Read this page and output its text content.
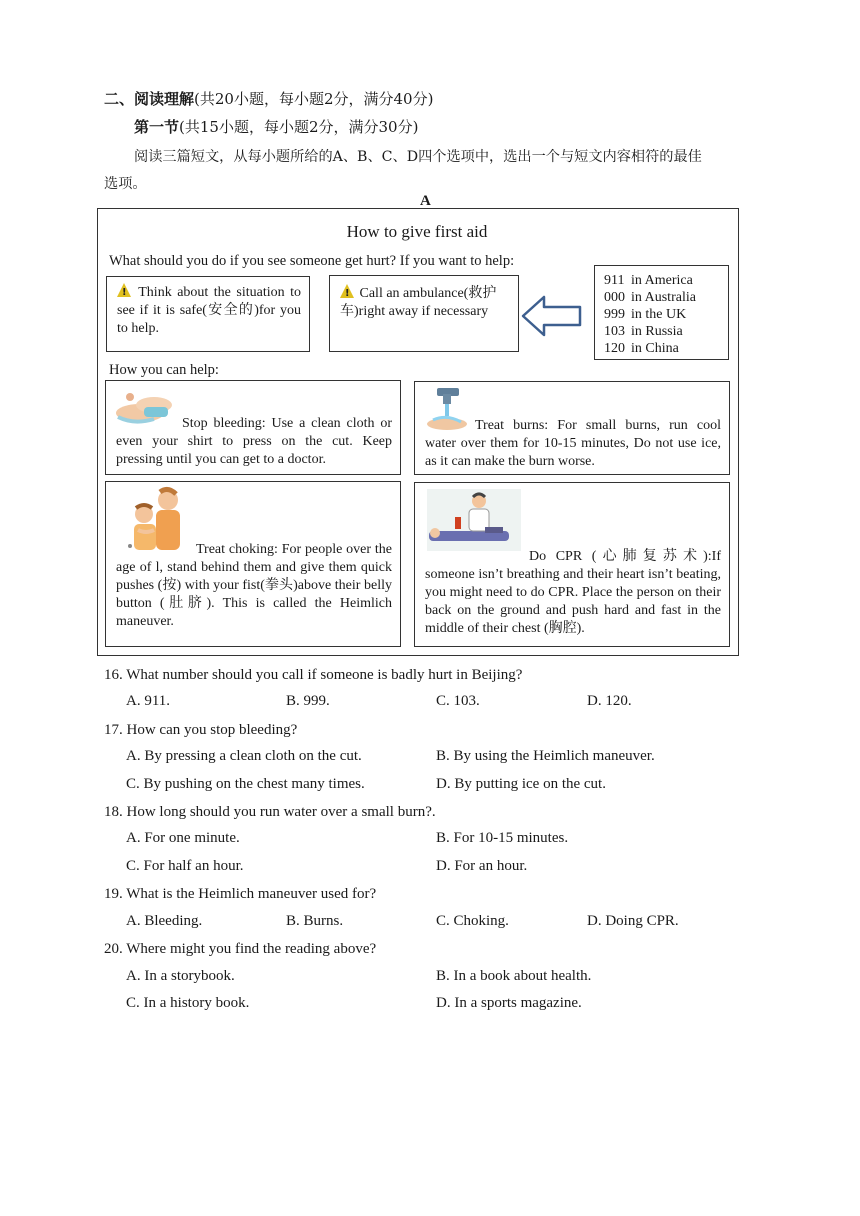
二、阅读理解(共20小题，每小题2分，满分40分)
第一节(共15小题，每小题2分，满分30分)
阅读三篇短文，从每小题所给的A、B、C、D四个选项中，选出一个与短文内容相符的最佳
选项。
A
How to give first aid
What should you do if you see someone get hurt? If you want to help:
! Think about the situation to see if it is safe(安全的)for you to help.
! Call an ambulance(救护车)right away if necessary
911	in America
000	in Australia
999	in the UK
103	in Russia
120	in China
How you can help:
Stop bleeding: Use a clean cloth or even your shirt to press on the cut. Keep pressing until you can get to a doctor.
Treat burns: For small burns, run cool water over them for 10-15 minutes, Do not use ice, as it can make the burn worse.
Treat choking: For people over the age of l, stand behind them and give them quick pushes (按) with your fist(拳头)above their belly button (肚脐). This is called the Heimlich maneuver.
Do CPR (心肺复苏术):If someone isn’t breathing and their heart isn’t beating, you might need to do CPR. Place the person on their back on the ground and push hard and fast in the middle of their chest (胸腔).
16. What number should you call if someone is badly hurt in Beijing?
A. 911.	B. 999.	C. 103.	D. 120.
17. How can you stop bleeding?
A. By pressing a clean cloth on the cut.	B. By using the Heimlich maneuver.
C. By pushing on the chest many times.	D. By putting ice on the cut.
18. How long should you run water over a small burn?.
A. For one minute.	B. For 10-15 minutes.
C. For half an hour.	D. For an hour.
19. What is the Heimlich maneuver used for?
A. Bleeding.	B. Burns.	C. Choking.	D. Doing CPR.
20. Where might you find the reading above?
A. In a storybook.	B. In a book about health.
C. In a history book.	D. In a sports magazine.
